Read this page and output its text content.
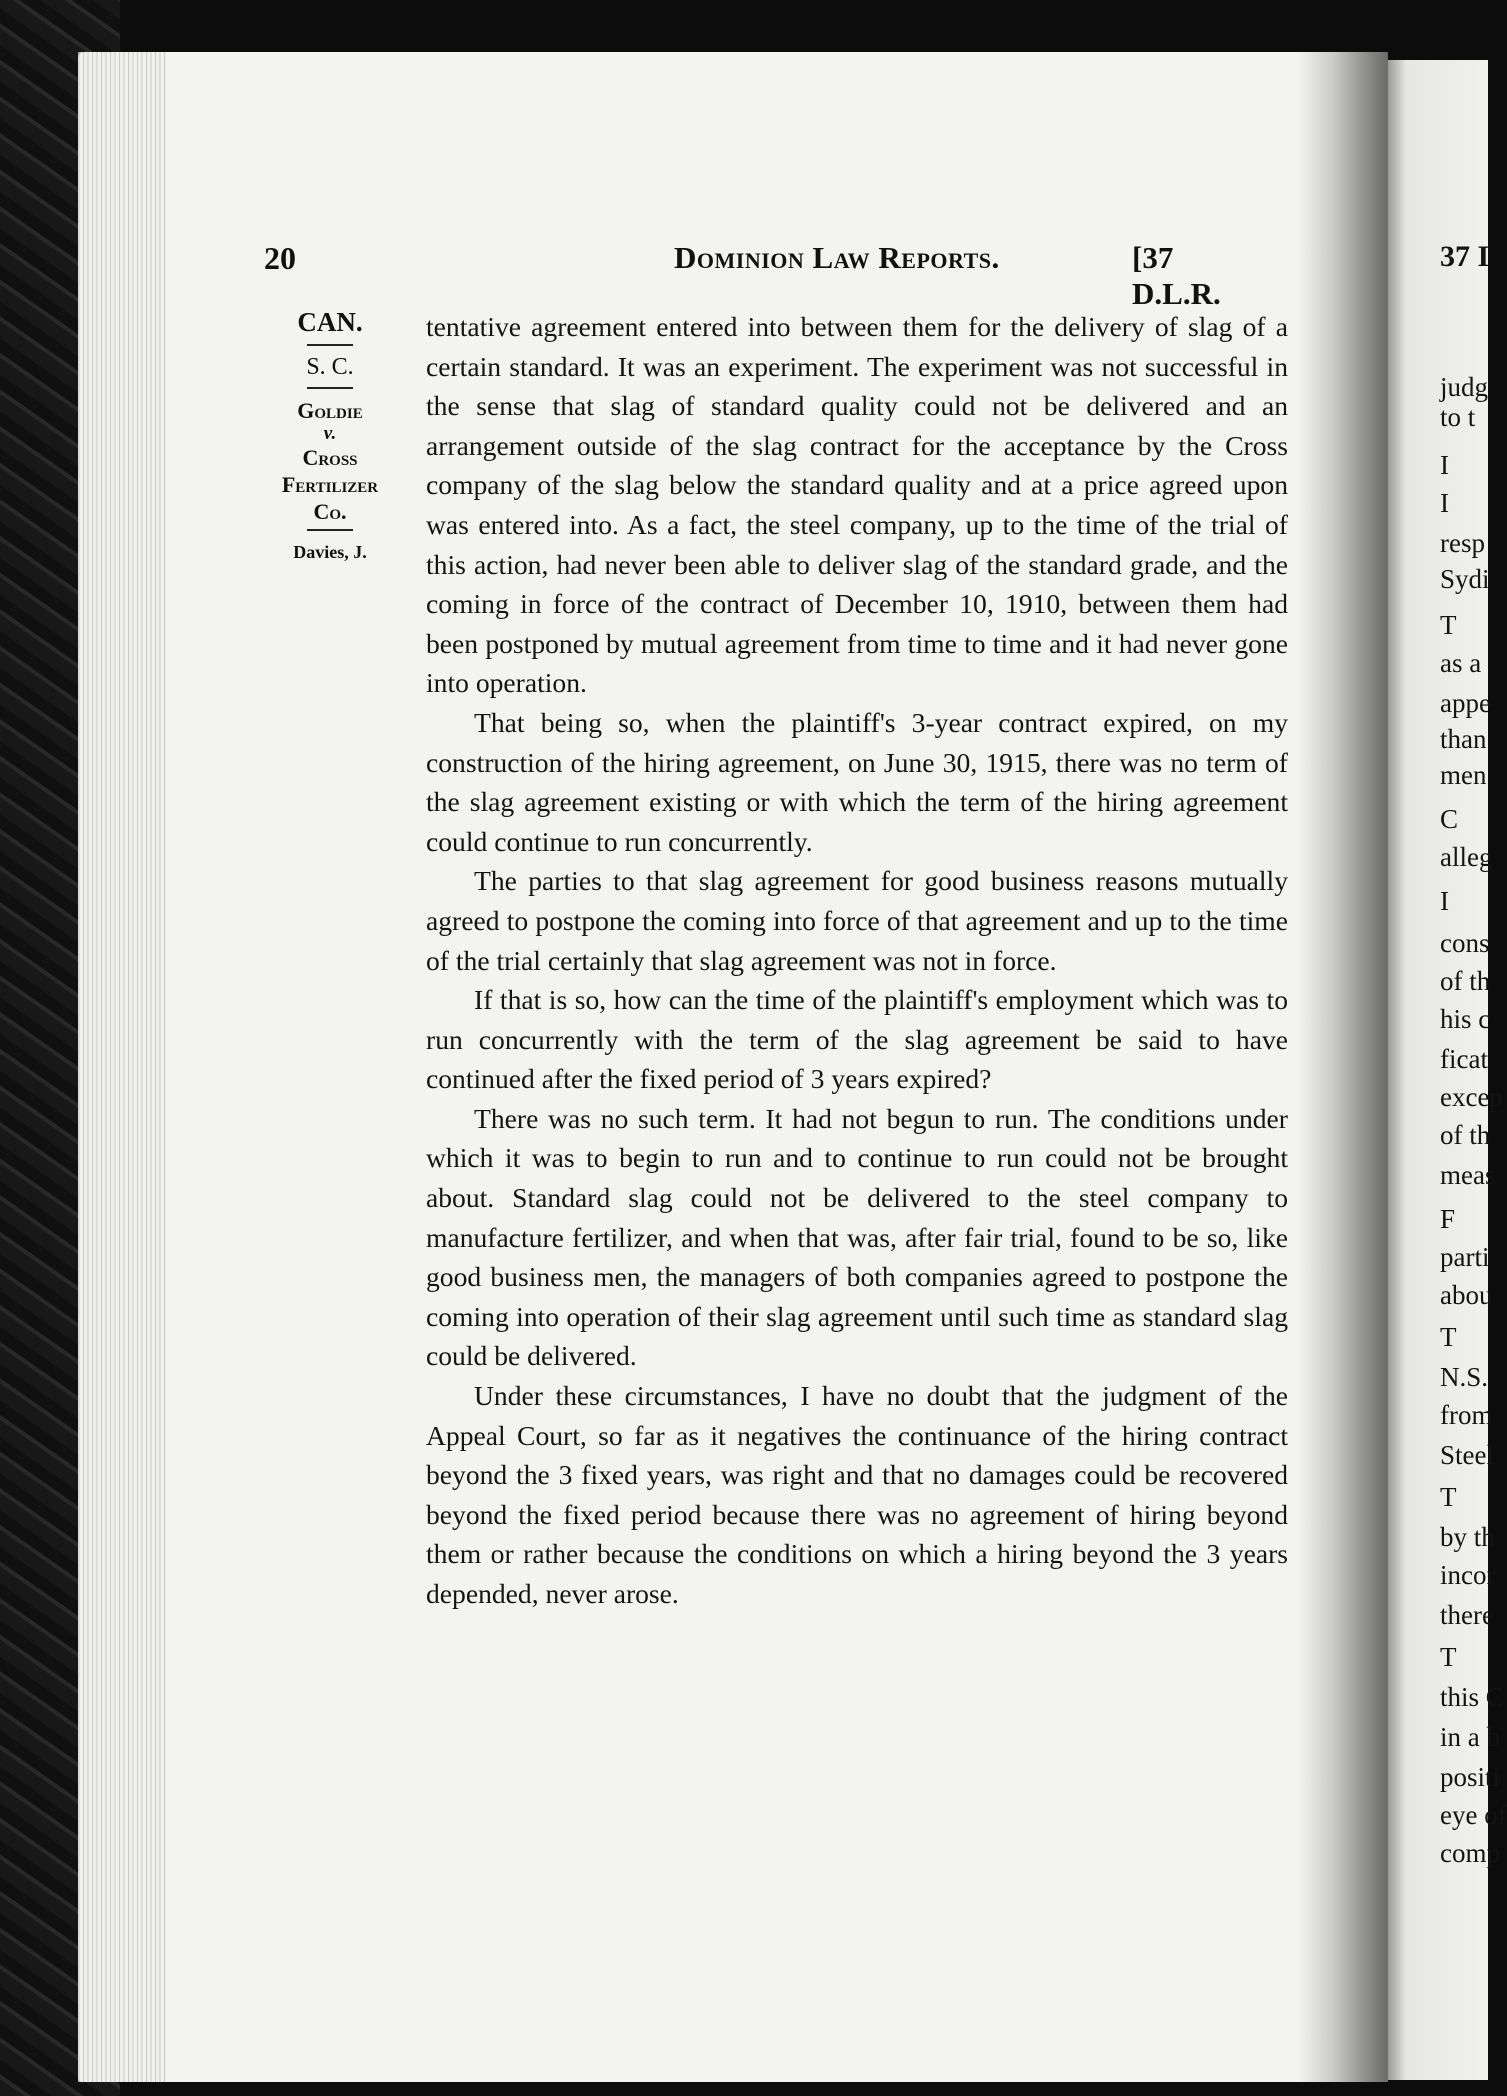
20	Dominion Law Reports.	[37 D.L.R.
CAN.
S. C.
Goldie
v.
Cross
Fertilizer
Co.
Davies, J.

tentative agreement entered into between them for the delivery of slag of a certain standard. It was an experiment. The experiment was not successful in the sense that slag of standard quality could not be delivered and an arrangement outside of the slag contract for the acceptance by the Cross company of the slag below the standard quality and at a price agreed upon was entered into. As a fact, the steel company, up to the time of the trial of this action, had never been able to deliver slag of the standard grade, and the coming in force of the contract of December 10, 1910, between them had been postponed by mutual agreement from time to time and it had never gone into operation.

That being so, when the plaintiff's 3-year contract expired, on my construction of the hiring agreement, on June 30, 1915, there was no term of the slag agreement existing or with which the term of the hiring agreement could continue to run concurrently.

The parties to that slag agreement for good business reasons mutually agreed to postpone the coming into force of that agreement and up to the time of the trial certainly that slag agreement was not in force.

If that is so, how can the time of the plaintiff's employment which was to run concurrently with the term of the slag agreement be said to have continued after the fixed period of 3 years expired?

There was no such term. It had not begun to run. The conditions under which it was to begin to run and to continue to run could not be brought about. Standard slag could not be delivered to the steel company to manufacture fertilizer, and when that was, after fair trial, found to be so, like good business men, the managers of both companies agreed to postpone the coming into operation of their slag agreement until such time as standard slag could be delivered.

Under these circumstances, I have no doubt that the judgment of the Appeal Court, so far as it negatives the continuance of the hiring contract beyond the 3 fixed years, was right and that no damages could be recovered beyond the fixed period because there was no agreement of hiring beyond them or rather because the conditions on which a hiring beyond the 3 years depended, never arose.

37 I
judg
to t
I
I
resp
Sydi
T
as a
appe
than
men
C
alleg
I
cons
of th
his c
ficat
excep
of th
meas
F
parti
abou
T
N.S.
from
Steel
T
by th
incor
there
T
this C
in a b
positi
eye of
comp
